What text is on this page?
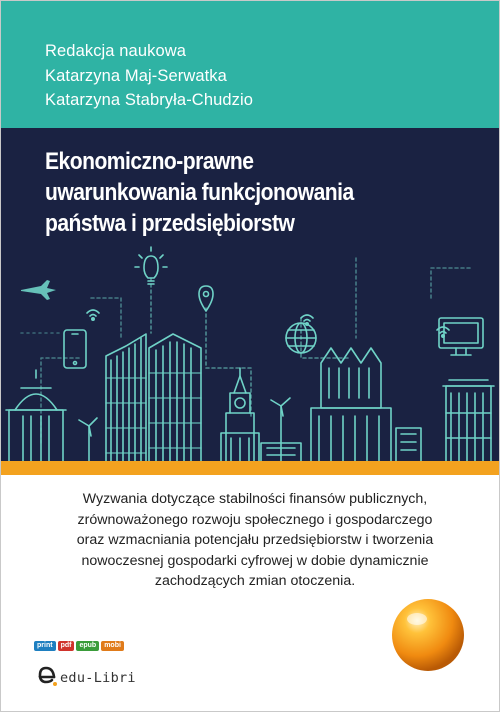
Redakcja naukowa
Katarzyna Maj-Serwatka
Katarzyna Stabryła-Chudzio
Ekonomiczno-prawne
uwarunkowania funkcjonowania
państwa i przedsiębiorstw
Wyzwania dotyczące stabilności finansów publicznych,
zrównoważonego rozwoju społecznego i gospodarczego
oraz wzmacniania potencjału przedsiębiorstw i tworzenia
nowoczesnej gospodarki cyfrowej w dobie dynamicznie
zachodzących zmian otoczenia.
print	pdf	epub	mobi
edu-Libri
